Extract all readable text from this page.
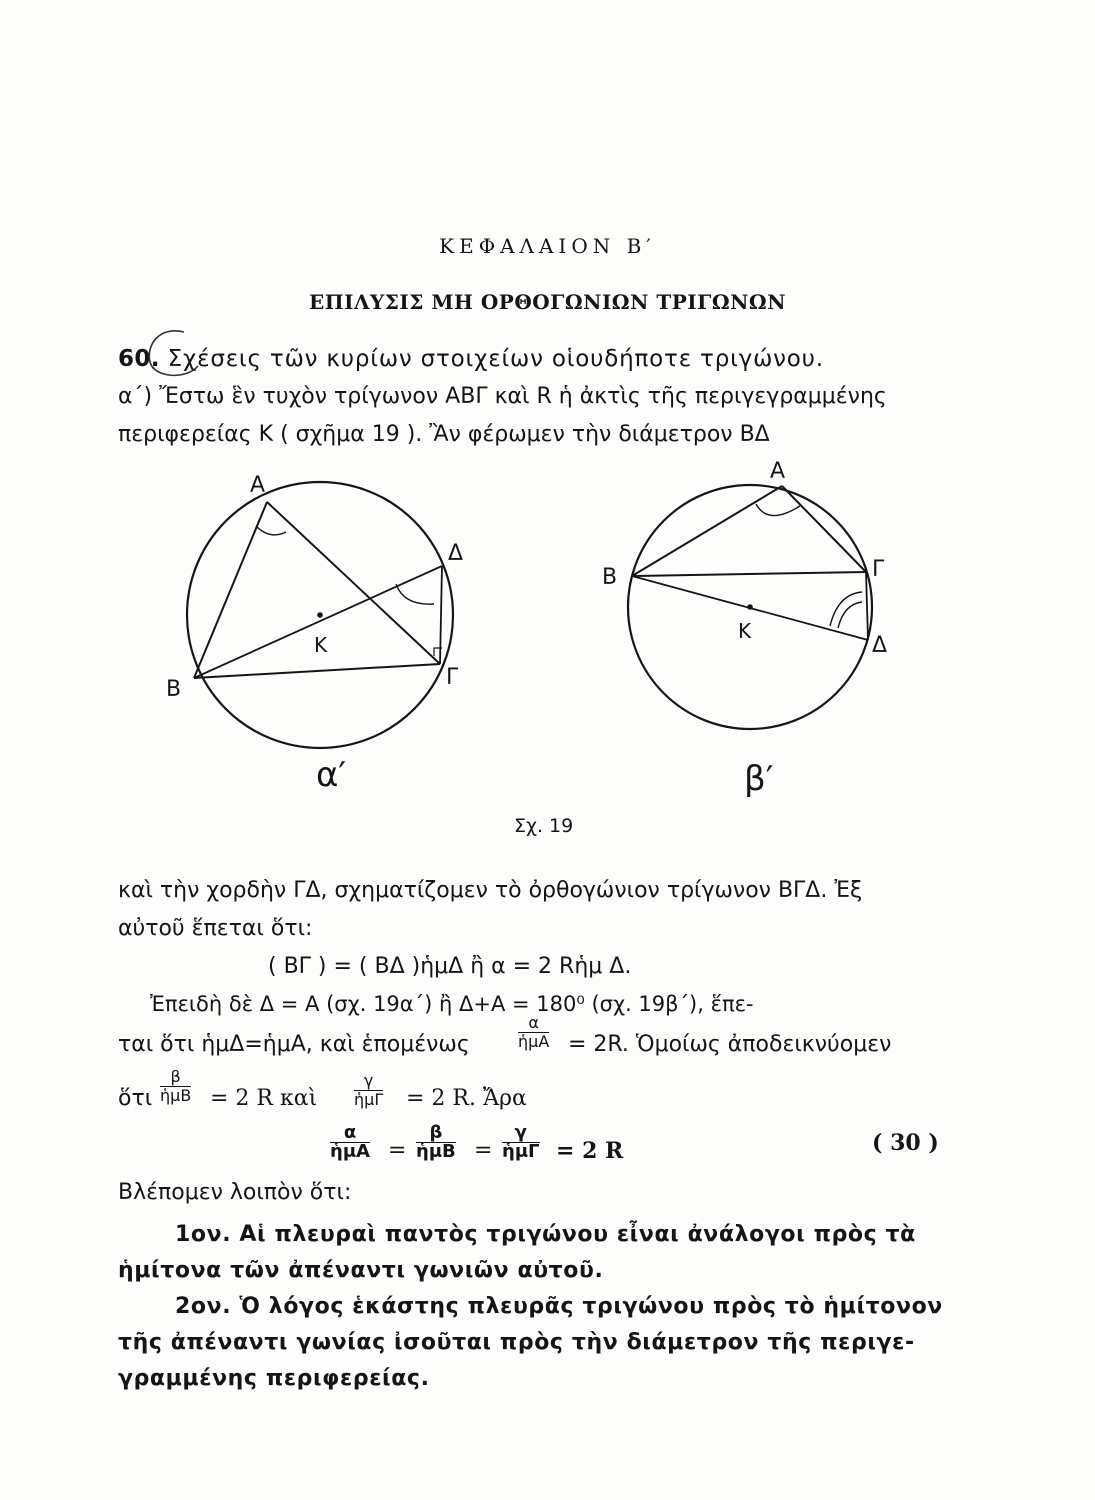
ΚΕΦΑΛΑΙΟΝ Β′
ΕΠΙΛΥΣΙΣ ΜΗ ΟΡΘΟΓΩΝΙΩΝ ΤΡΙΓΩΝΩΝ
60. Σχέσεις τῶν κυρίων στοιχείων οἱουδήποτε τριγώνου.
α΄) Ἔστω ἓν τυχὸν τρίγωνον ΑΒΓ καὶ R ἡ ἀκτὶς τῆς περιγεγραμμένης
περιφερείας Κ ( σχῆμα 19 ). Ἂν φέρωμεν τὴν διάμετρον ΒΔ
Α
Β	Γ
Δ
Κ
α′
Α
Β	Γ
Δ
Κ
β′
Σχ. 19
καὶ τὴν χορδὴν ΓΔ, σχηματίζομεν τὸ ὀρθογώνιον τρίγωνον ΒΓΔ. Ἐξ
αὐτοῦ ἕπεται ὅτι:
( ΒΓ ) = ( ΒΔ )ἡμΔ ἢ α = 2 Rἡμ Δ.
Ἐπειδὴ δὲ Δ = Α (σχ. 19α΄) ἢ Δ+Α = 180⁰ (σχ. 19β΄), ἕπε-
ται ὅτι ἡμΔ=ἡμΑ, καὶ ἑπομένως
α
ἡμΑ = 2R. Ὁμοίως ἀποδεικνύομεν
ὅτι
β
ἡμΒ = 2 R καὶ
γ
ἡμΓ = 2 R. Ἄρα
α
ἡμΑ =
β
ἡμΒ =
γ
ἡμΓ = 2 R	( 30 )
Βλέπομεν λοιπὸν ὅτι:
1ον. Αἱ πλευραὶ παντὸς τριγώνου εἶναι ἀνάλογοι πρὸς τὰ
ἡμίτονα τῶν ἀπέναντι γωνιῶν αὐτοῦ.
2ον. Ὁ λόγος ἑκάστης πλευρᾶς τριγώνου πρὸς τὸ ἡμίτονον
τῆς ἀπέναντι γωνίας ἰσοῦται πρὸς τὴν διάμετρον τῆς περιγε-
γραμμένης περιφερείας.
